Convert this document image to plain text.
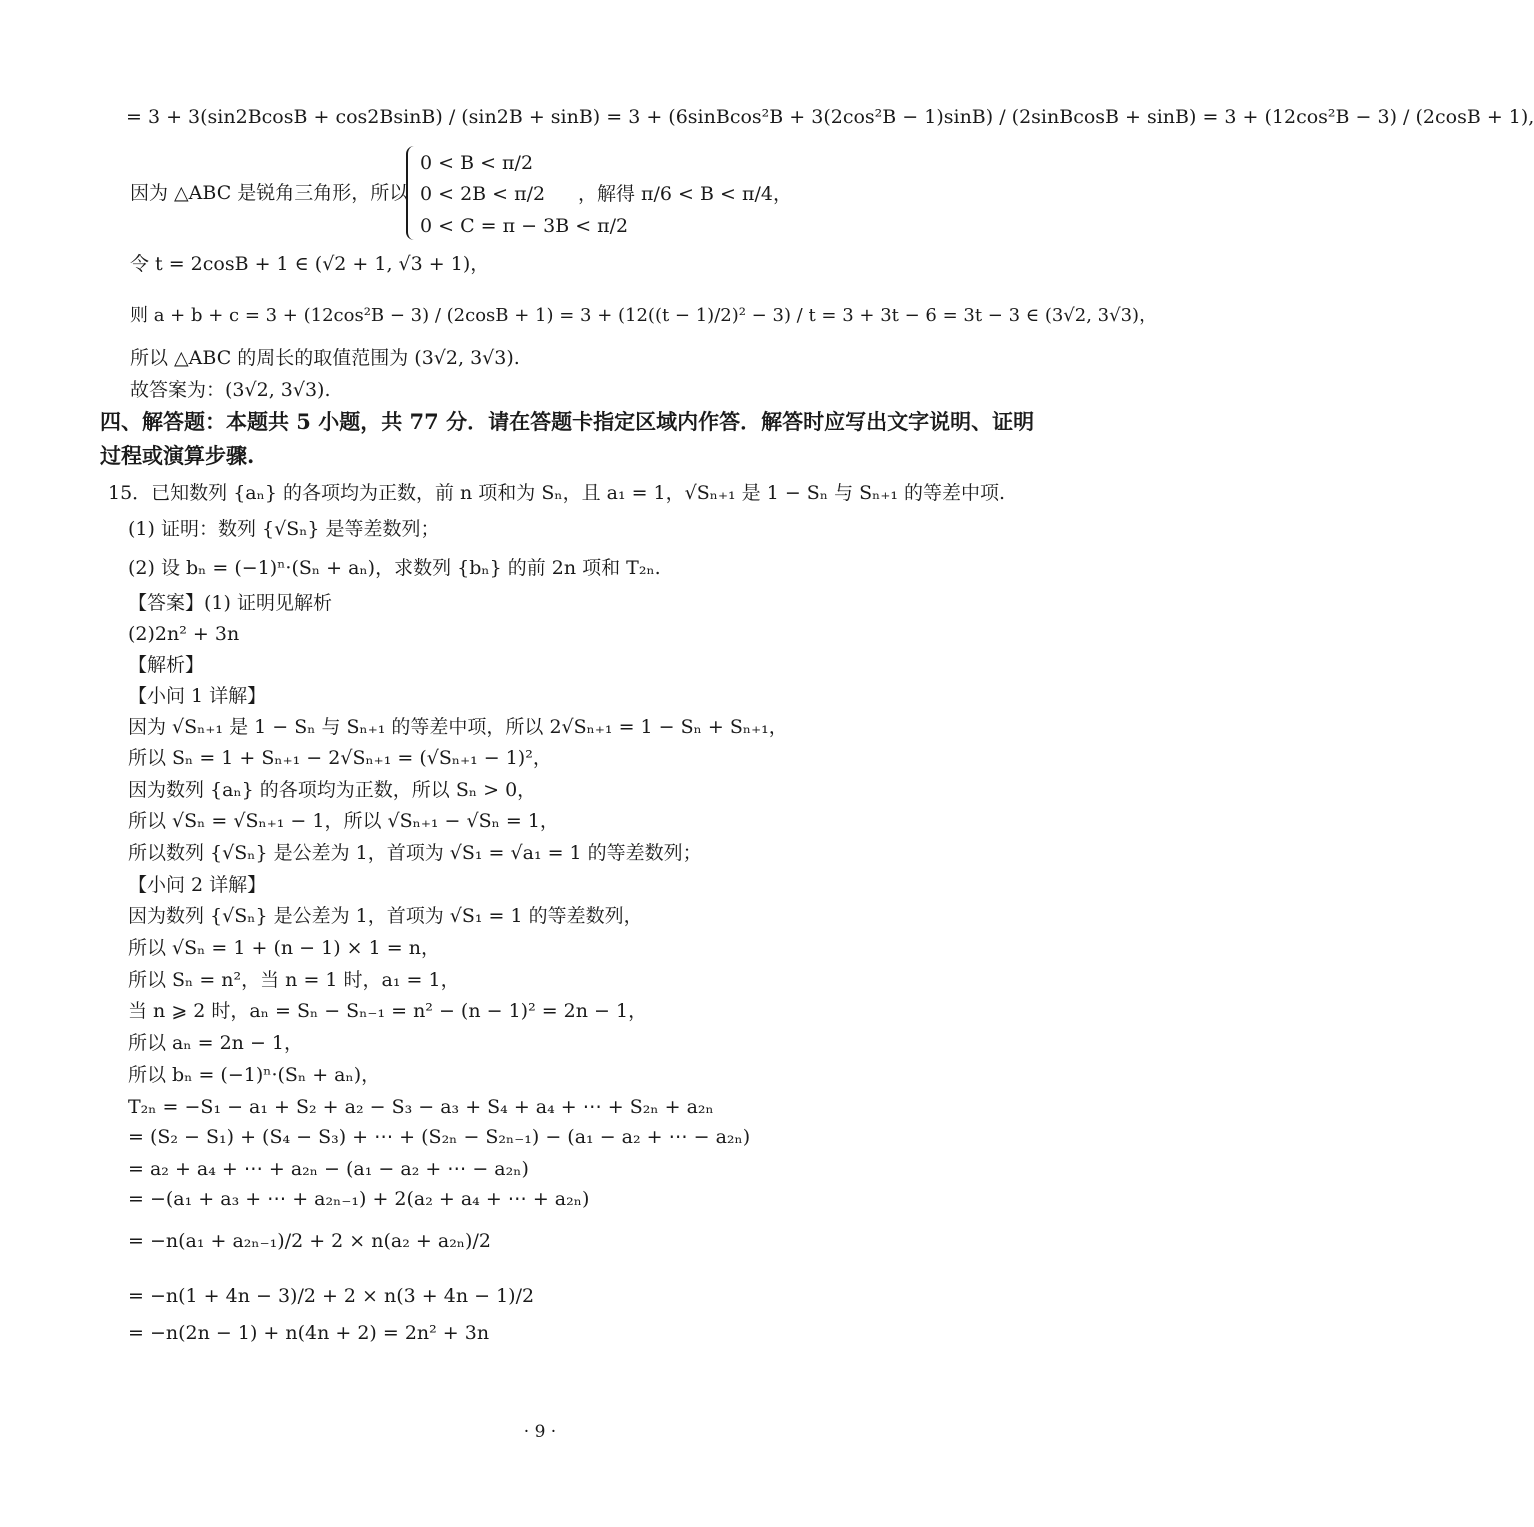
= 3 + 3(sin2BcosB + cos2BsinB) / (sin2B + sinB) = 3 + (6sinBcos²B + 3(2cos²B − 1)sinB) / (2sinBcosB + sinB) = 3 + (12cos²B − 3) / (2cosB + 1),
因为 △ABC 是锐角三角形，所以
0 < B < π/2
0 < 2B < π/2
0 < C = π − 3B < π/2
，解得 π/6 < B < π/4，
令 t = 2cosB + 1 ∈ (√2 + 1, √3 + 1)，
则 a + b + c = 3 + (12cos²B − 3) / (2cosB + 1) = 3 + (12((t − 1)/2)² − 3) / t = 3 + 3t − 6 = 3t − 3 ∈ (3√2, 3√3)，
所以 △ABC 的周长的取值范围为 (3√2, 3√3).
故答案为：(3√2, 3√3).
四、解答题：本题共 5 小题，共 77 分．请在答题卡指定区域内作答．解答时应写出文字说明、证明
过程或演算步骤.
15．已知数列 {aₙ} 的各项均为正数，前 n 项和为 Sₙ，且 a₁ = 1，√Sₙ₊₁ 是 1 − Sₙ 与 Sₙ₊₁ 的等差中项.
(1) 证明：数列 {√Sₙ} 是等差数列；
(2) 设 bₙ = (−1)ⁿ·(Sₙ + aₙ)，求数列 {bₙ} 的前 2n 项和 T₂ₙ.
【答案】(1) 证明见解析
(2)2n² + 3n
【解析】
【小问 1 详解】
因为 √Sₙ₊₁ 是 1 − Sₙ 与 Sₙ₊₁ 的等差中项，所以 2√Sₙ₊₁ = 1 − Sₙ + Sₙ₊₁，
所以 Sₙ = 1 + Sₙ₊₁ − 2√Sₙ₊₁ = (√Sₙ₊₁ − 1)²，
因为数列 {aₙ} 的各项均为正数，所以 Sₙ > 0，
所以 √Sₙ = √Sₙ₊₁ − 1，所以 √Sₙ₊₁ − √Sₙ = 1，
所以数列 {√Sₙ} 是公差为 1，首项为 √S₁ = √a₁ = 1 的等差数列；
【小问 2 详解】
因为数列 {√Sₙ} 是公差为 1，首项为 √S₁ = 1 的等差数列，
所以 √Sₙ = 1 + (n − 1) × 1 = n，
所以 Sₙ = n²，当 n = 1 时，a₁ = 1，
当 n ⩾ 2 时，aₙ = Sₙ − Sₙ₋₁ = n² − (n − 1)² = 2n − 1，
所以 aₙ = 2n − 1，
所以 bₙ = (−1)ⁿ·(Sₙ + aₙ)，
T₂ₙ = −S₁ − a₁ + S₂ + a₂ − S₃ − a₃ + S₄ + a₄ + ⋯ + S₂ₙ + a₂ₙ
= (S₂ − S₁) + (S₄ − S₃) + ⋯ + (S₂ₙ − S₂ₙ₋₁) − (a₁ − a₂ + ⋯ − a₂ₙ)
= a₂ + a₄ + ⋯ + a₂ₙ − (a₁ − a₂ + ⋯ − a₂ₙ)
= −(a₁ + a₃ + ⋯ + a₂ₙ₋₁) + 2(a₂ + a₄ + ⋯ + a₂ₙ)
= −n(a₁ + a₂ₙ₋₁)/2 + 2 × n(a₂ + a₂ₙ)/2
= −n(1 + 4n − 3)/2 + 2 × n(3 + 4n − 1)/2
= −n(2n − 1) + n(4n + 2) = 2n² + 3n
· 9 ·
